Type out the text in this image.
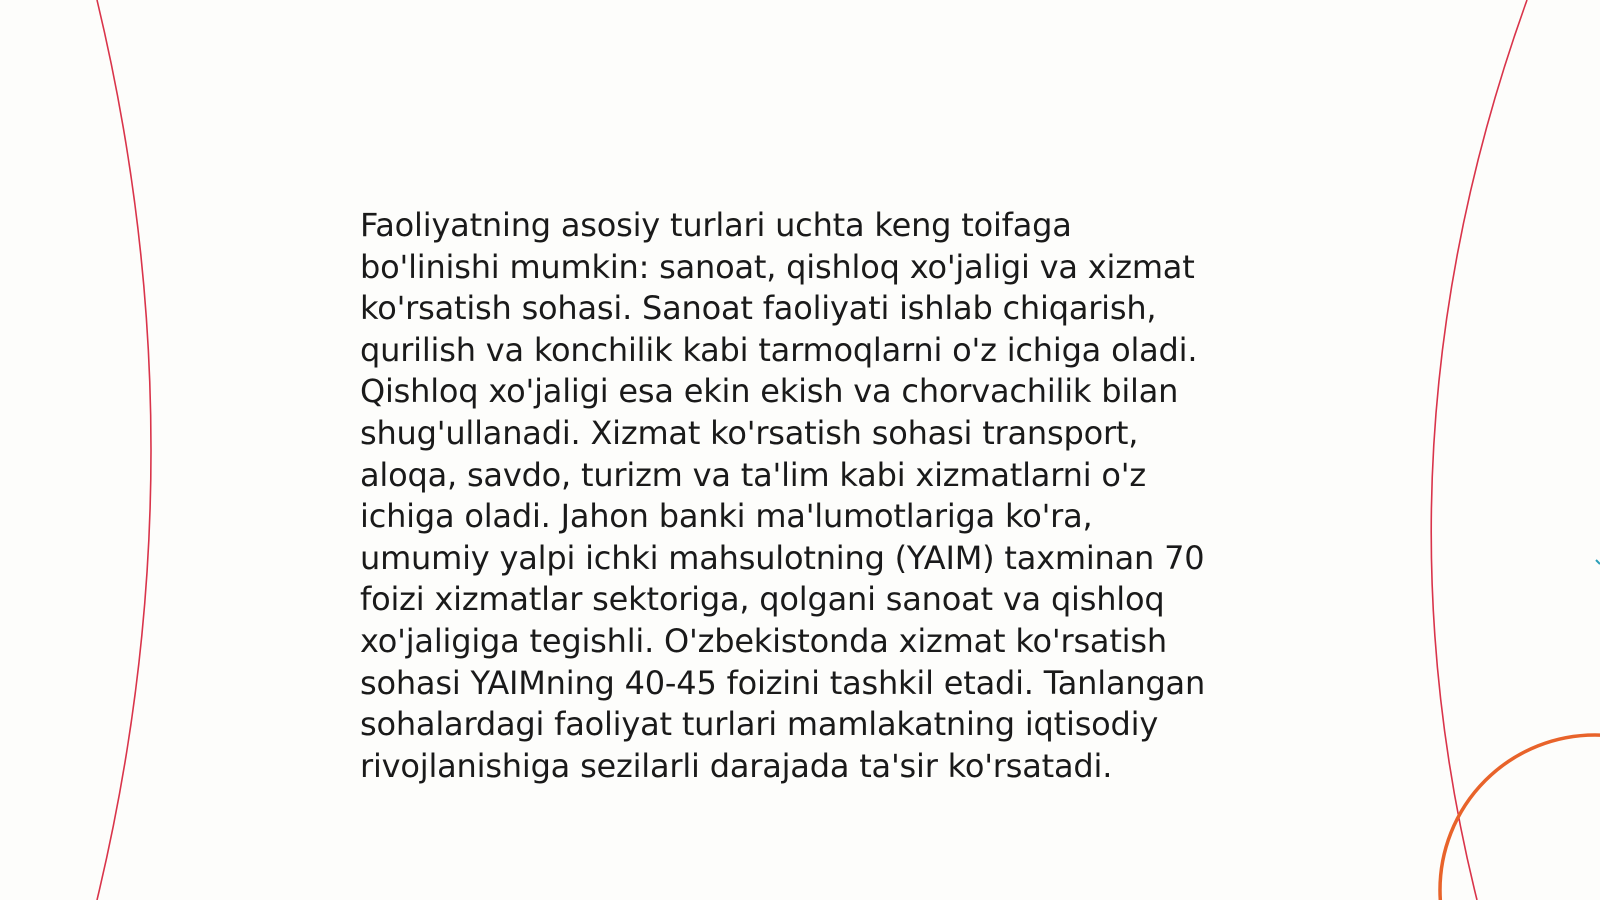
Faoliyatning asosiy turlari uchta keng toifaga
bo'linishi mumkin: sanoat, qishloq xo'jaligi va xizmat
ko'rsatish sohasi. Sanoat faoliyati ishlab chiqarish,
qurilish va konchilik kabi tarmoqlarni o'z ichiga oladi.
Qishloq xo'jaligi esa ekin ekish va chorvachilik bilan
shug'ullanadi. Xizmat ko'rsatish sohasi transport,
aloqa, savdo, turizm va ta'lim kabi xizmatlarni o'z
ichiga oladi. Jahon banki ma'lumotlariga ko'ra,
umumiy yalpi ichki mahsulotning (YAIM) taxminan 70
foizi xizmatlar sektoriga, qolgani sanoat va qishloq
xo'jaligiga tegishli. O'zbekistonda xizmat ko'rsatish
sohasi YAIMning 40-45 foizini tashkil etadi. Tanlangan
sohalardagi faoliyat turlari mamlakatning iqtisodiy
rivojlanishiga sezilarli darajada ta'sir ko'rsatadi.
